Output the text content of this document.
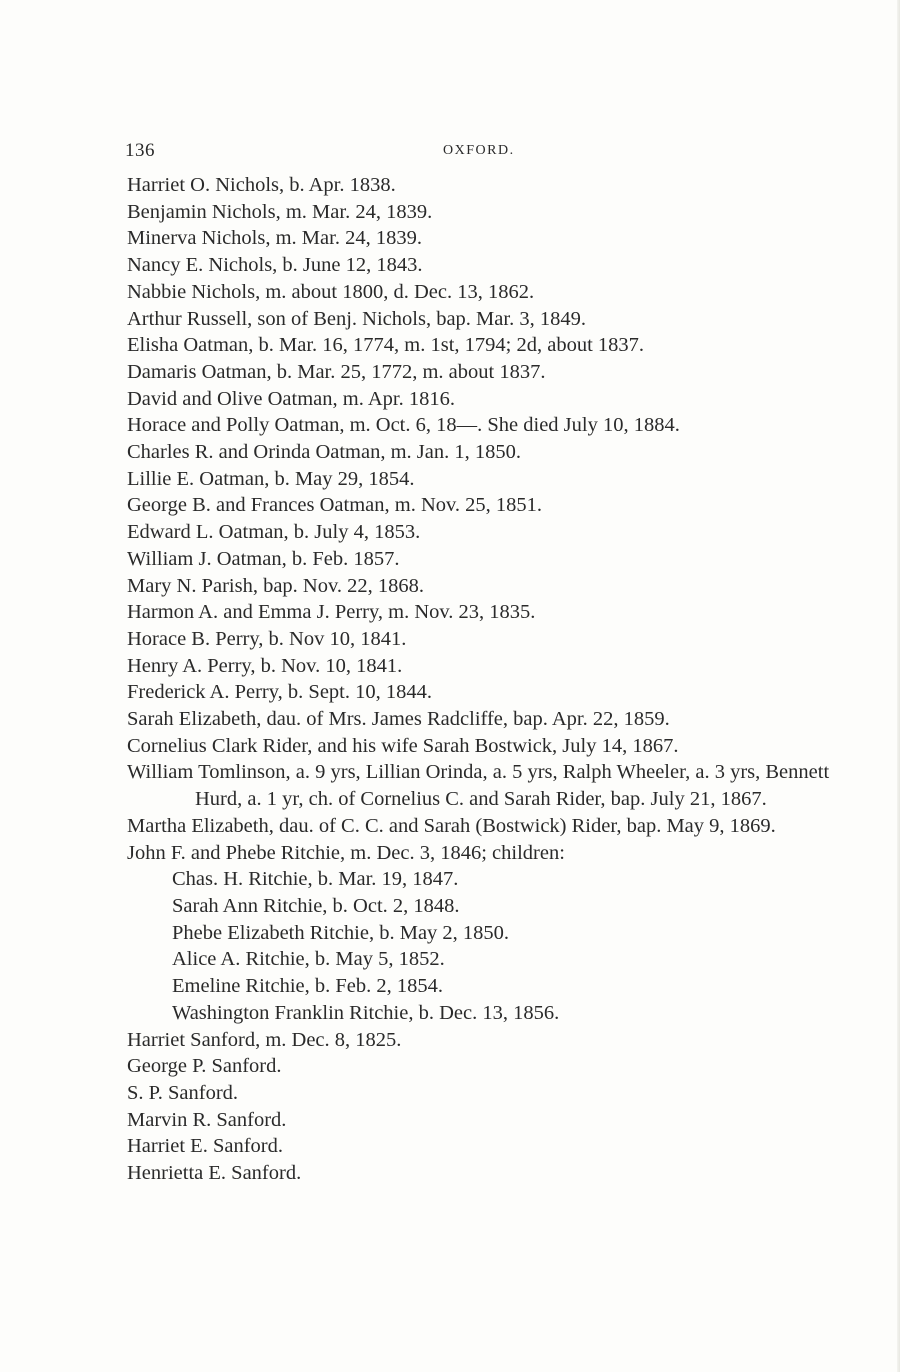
136	OXFORD.
Harriet O. Nichols, b. Apr. 1838.
Benjamin Nichols, m. Mar. 24, 1839.
Minerva Nichols, m. Mar. 24, 1839.
Nancy E. Nichols, b. June 12, 1843.
Nabbie Nichols, m. about 1800, d. Dec. 13, 1862.
Arthur Russell, son of Benj. Nichols, bap. Mar. 3, 1849.
Elisha Oatman, b. Mar. 16, 1774, m. 1st, 1794; 2d, about 1837.
Damaris Oatman, b. Mar. 25, 1772, m. about 1837.
David and Olive Oatman, m. Apr. 1816.
Horace and Polly Oatman, m. Oct. 6, 18—. She died July 10, 1884.
Charles R. and Orinda Oatman, m. Jan. 1, 1850.
Lillie E. Oatman, b. May 29, 1854.
George B. and Frances Oatman, m. Nov. 25, 1851.
Edward L. Oatman, b. July 4, 1853.
William J. Oatman, b. Feb. 1857.
Mary N. Parish, bap. Nov. 22, 1868.
Harmon A. and Emma J. Perry, m. Nov. 23, 1835.
Horace B. Perry, b. Nov 10, 1841.
Henry A. Perry, b. Nov. 10, 1841.
Frederick A. Perry, b. Sept. 10, 1844.
Sarah Elizabeth, dau. of Mrs. James Radcliffe, bap. Apr. 22, 1859.
Cornelius Clark Rider, and his wife Sarah Bostwick, July 14, 1867.
William Tomlinson, a. 9 yrs, Lillian Orinda, a. 5 yrs, Ralph Wheeler, a. 3 yrs, Bennett Hurd, a. 1 yr, ch. of Cornelius C. and Sarah Rider, bap. July 21, 1867.
Martha Elizabeth, dau. of C. C. and Sarah (Bostwick) Rider, bap. May 9, 1869.
John F. and Phebe Ritchie, m. Dec. 3, 1846; children:
Chas. H. Ritchie, b. Mar. 19, 1847.
Sarah Ann Ritchie, b. Oct. 2, 1848.
Phebe Elizabeth Ritchie, b. May 2, 1850.
Alice A. Ritchie, b. May 5, 1852.
Emeline Ritchie, b. Feb. 2, 1854.
Washington Franklin Ritchie, b. Dec. 13, 1856.
Harriet Sanford, m. Dec. 8, 1825.
George P. Sanford.
S. P. Sanford.
Marvin R. Sanford.
Harriet E. Sanford.
Henrietta E. Sanford.
